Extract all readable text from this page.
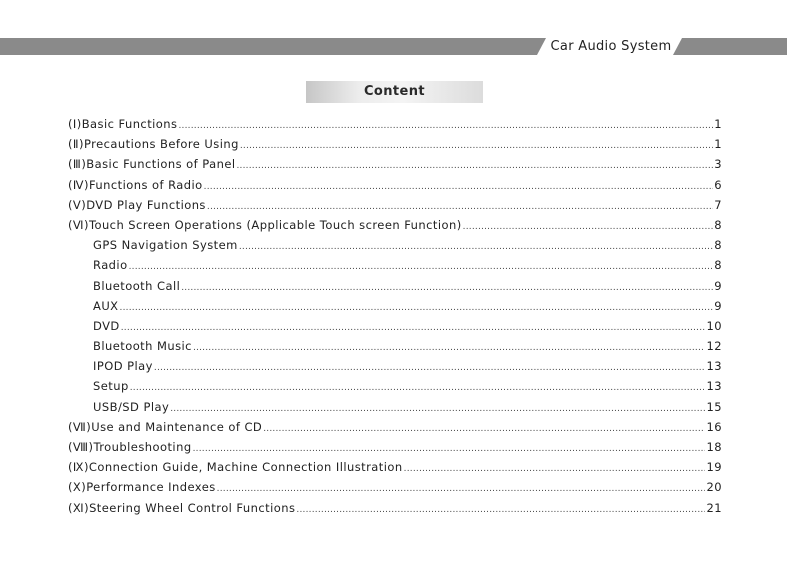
Car Audio System
Content
(Ⅰ) Basic Functions .....	1
(Ⅱ) Precautions Before Using .....	1
(Ⅲ) Basic Functions of Panel .....	3
(Ⅳ) Functions of Radio .....	6
(Ⅴ) DVD Play Functions .....	7
(Ⅵ) Touch Screen Operations (Applicable Touch screen Function) .....	8
GPS Navigation System .....	8
Radio .....	8
Bluetooth Call .....	9
AUX .....	9
DVD .....	10
Bluetooth Music .....	12
IPOD Play .....	13
Setup .....	13
USB/SD Play .....	15
(Ⅶ) Use and Maintenance of CD .....	16
(Ⅷ) Troubleshooting .....	18
(Ⅸ) Connection Guide, Machine Connection Illustration .....	19
(Ⅹ) Performance Indexes .....	20
(Ⅺ) Steering Wheel Control Functions .....	21
